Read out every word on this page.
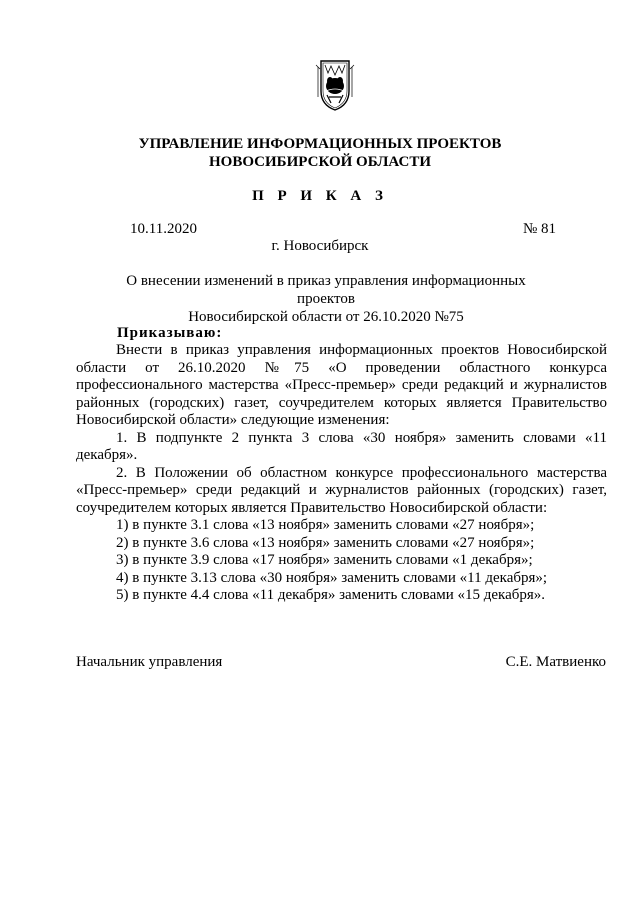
УПРАВЛЕНИЕ ИНФОРМАЦИОННЫХ ПРОЕКТОВ
НОВОСИБИРСКОЙ ОБЛАСТИ
П Р И К А З
10.11.2020	№ 81
г. Новосибирск
О внесении изменений в приказ управления информационных проектов
Новосибирской области от 26.10.2020 №75
Приказываю:

Внести в приказ управления информационных проектов Новосибирской области от 26.10.2020 №75 «О проведении областного конкурса профессионального мастерства «Пресс-премьер» среди редакций и журналистов районных (городских) газет, соучредителем которых является Правительство Новосибирской области» следующие изменения:

1. В подпункте 2 пункта 3 слова «30 ноября» заменить словами «11 декабря».

2. В Положении об областном конкурсе профессионального мастерства «Пресс-премьер» среди редакций и журналистов районных (городских) газет, соучредителем которых является Правительство Новосибирской области:

1) в пункте 3.1 слова «13 ноября» заменить словами «27 ноября»;

2) в пункте 3.6 слова «13 ноября» заменить словами «27 ноября»;

3) в пункте 3.9 слова «17 ноября» заменить словами «1 декабря»;

4) в пункте 3.13 слова «30 ноября» заменить словами «11 декабря»;

5) в пункте 4.4 слова «11 декабря» заменить словами «15 декабря».

Начальник управления	С.Е. Матвиенко
